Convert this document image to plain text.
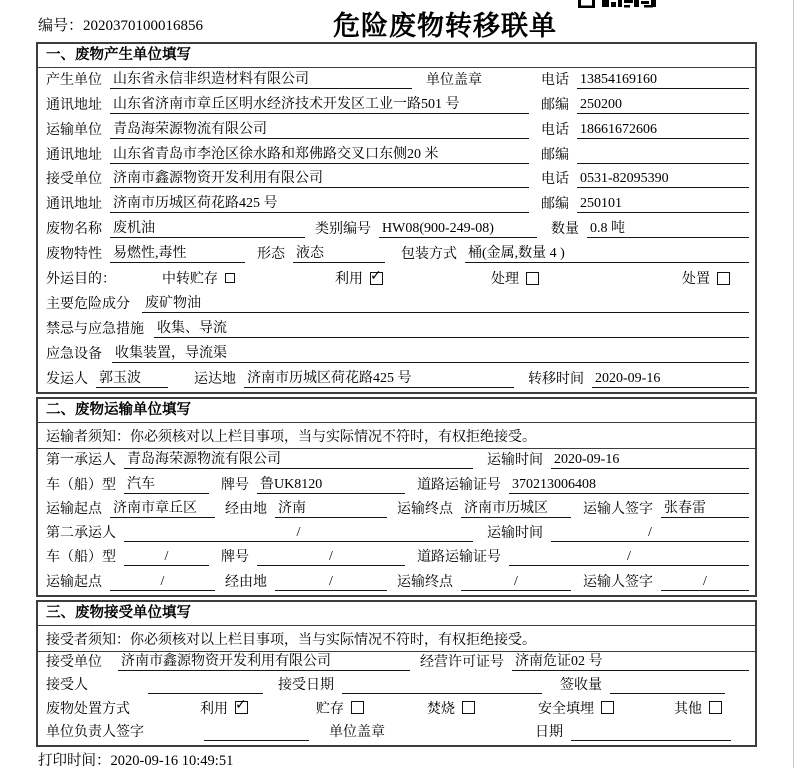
编号：2020370100016856	危险废物转移联单
一、废物产生单位填写
产生单位 山东省永信非织造材料有限公司	单位盖章	电话 13854169160
通讯地址 山东省济南市章丘区明水经济技术开发区工业一路501 号	邮编 250200
运输单位 青岛海荣源物流有限公司	电话 18661672606
通讯地址 山东省青岛市李沧区徐水路和郑佛路交叉口东侧20 米	邮编
接受单位 济南市鑫源物资开发利用有限公司	电话 0531-82095390
通讯地址 济南市历城区荷花路425 号	邮编 250101
废物名称 废机油	类别编号 HW08(900-249-08)	数量 0.8 吨
废物特性 易燃性,毒性	形态 液态	包装方式 桶(金属,数量 4 )
外运目的：	中转贮存	利用 ✓	处理	处置
主要危险成分 废矿物油
禁忌与应急措施 收集、导流
应急设备 收集装置，导流渠
发运人 郭玉波	运达地 济南市历城区荷花路425 号	转移时间 2020-09-16
二、废物运输单位填写
运输者须知：你必须核对以上栏目事项，当与实际情况不符时，有权拒绝接受。
第一承运人 青岛海荣源物流有限公司	运输时间 2020-09-16
车（船）型 汽车	牌号 鲁UK8120	道路运输证号 370213006408
运输起点 济南市章丘区	经由地 济南	运输终点 济南市历城区	运输人签字 张春雷
第二承运人	/	运输时间	/
车（船）型	/	牌号	/	道路运输证号	/
运输起点	/	经由地	/	运输终点	/	运输人签字	/
三、废物接受单位填写
接受者须知：你必须核对以上栏目事项，当与实际情况不符时，有权拒绝接受。
接受单位 济南市鑫源物资开发利用有限公司	经营许可证号 济南危证02 号
接受人	接受日期	签收量
废物处置方式	利用 ✓	贮存	焚烧	安全填埋	其他
单位负责人签字	单位盖章	日期
打印时间：2020-09-16 10:49:51
